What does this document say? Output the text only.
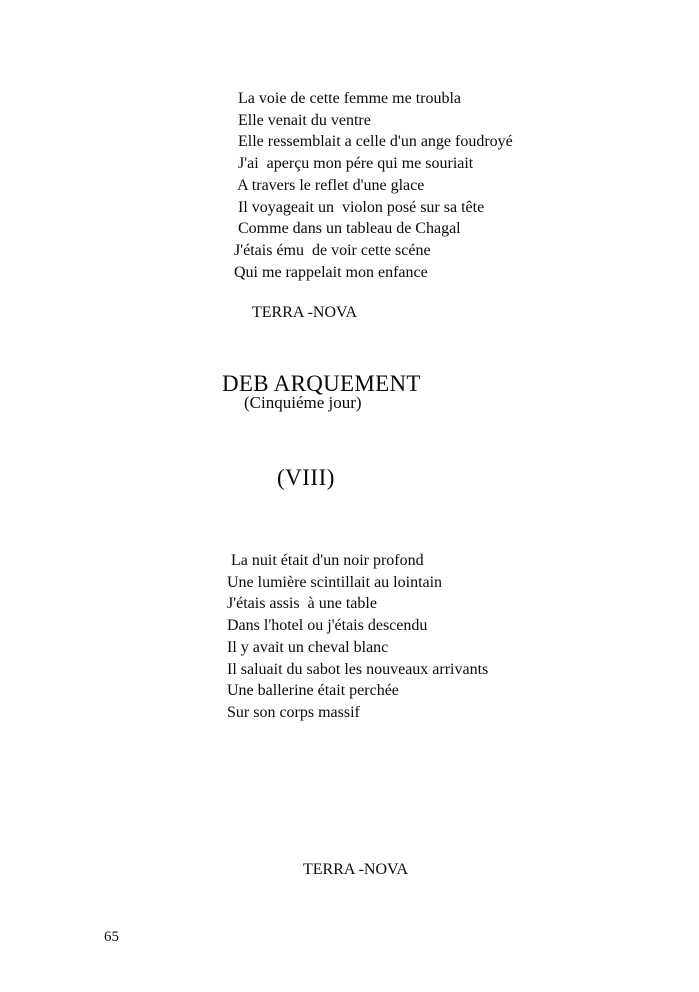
La voie de cette femme me troubla
Elle venait du ventre
Elle ressemblait a celle d'un ange foudroyé
J'ai  aperçu mon pére qui me souriait
A travers le reflet d'une glace
Il voyageait un  violon posé sur sa tête
Comme dans un tableau de Chagal
J'étais ému  de voir cette scéne
Qui me rappelait mon enfance
TERRA -NOVA
DEB ARQUEMENT
(Cinquiéme jour)
(VIII)
La nuit était d'un noir profond
Une lumière scintillait au lointain
J'étais assis  à une table
Dans l'hotel ou j'étais descendu
Il y avait un cheval blanc
Il saluait du sabot les nouveaux arrivants
Une ballerine était perchée
Sur son corps massif
TERRA -NOVA
65
